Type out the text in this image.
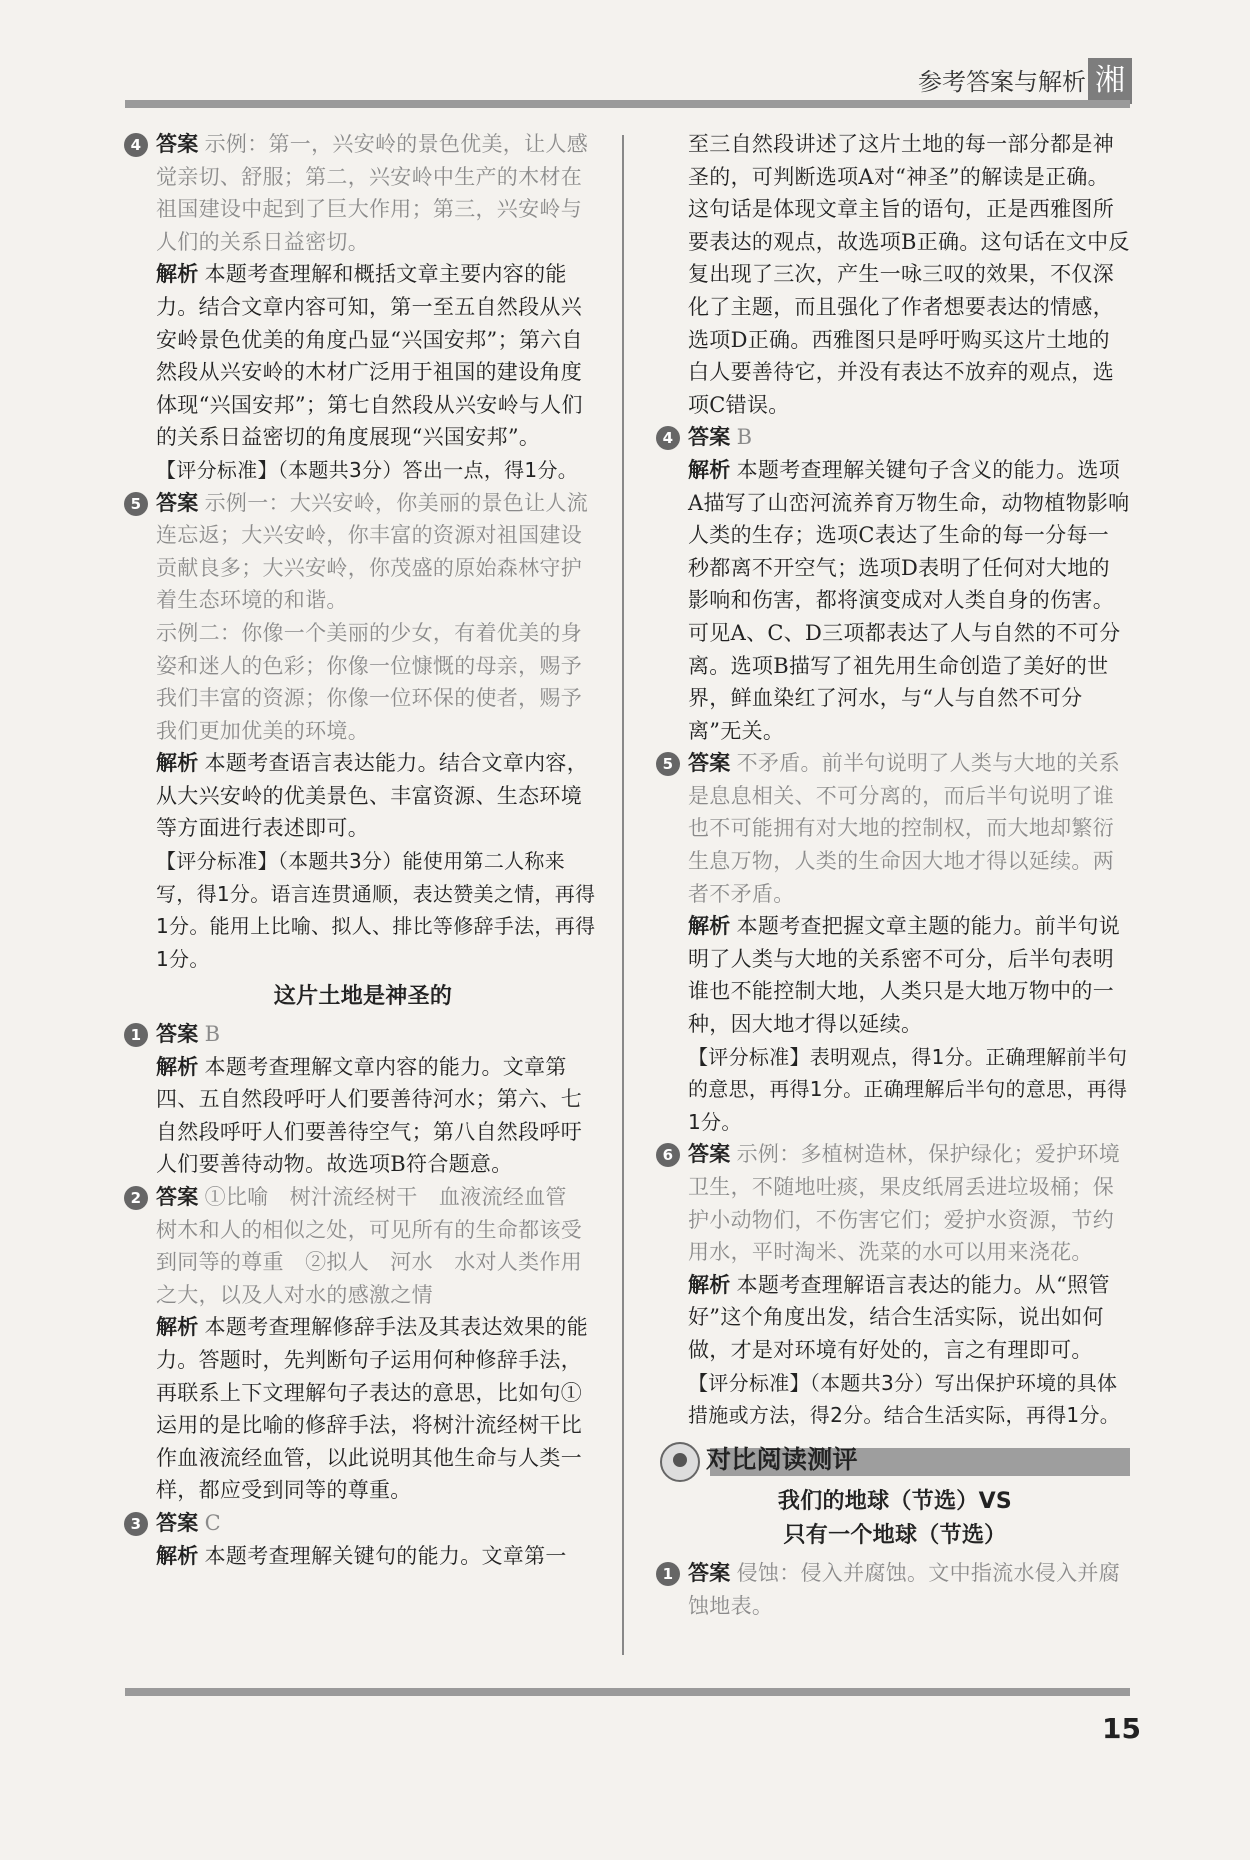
参考答案与解析 湘
4 答案 示例：第一，兴安岭的景色优美，让人感觉亲切、舒服；第二，兴安岭中生产的木材在祖国建设中起到了巨大作用；第三，兴安岭与人们的关系日益密切。
解析 本题考查理解和概括文章主要内容的能力。结合文章内容可知，第一至五自然段从兴安岭景色优美的角度凸显“兴国安邦”；第六自然段从兴安岭的木材广泛用于祖国的建设角度体现“兴国安邦”；第七自然段从兴安岭与人们的关系日益密切的角度展现“兴国安邦”。
【评分标准】（本题共3分）答出一点，得1分。
5 答案 示例一：大兴安岭，你美丽的景色让人流连忘返；大兴安岭，你丰富的资源对祖国建设贡献良多；大兴安岭，你茂盛的原始森林守护着生态环境的和谐。
示例二：你像一个美丽的少女，有着优美的身姿和迷人的色彩；你像一位慷慨的母亲，赐予我们丰富的资源；你像一位环保的使者，赐予我们更加优美的环境。
解析 本题考查语言表达能力。结合文章内容，从大兴安岭的优美景色、丰富资源、生态环境等方面进行表述即可。
【评分标准】（本题共3分）能使用第二人称来写，得1分。语言连贯通顺，表达赞美之情，再得1分。能用上比喻、拟人、排比等修辞手法，再得1分。
这片土地是神圣的
1 答案 B
解析 本题考查理解文章内容的能力。文章第四、五自然段呼吁人们要善待河水；第六、七自然段呼吁人们要善待空气；第八自然段呼吁人们要善待动物。故选项B符合题意。
2 答案 ①比喻　树汁流经树干　血液流经血管　树木和人的相似之处，可见所有的生命都该受到同等的尊重　②拟人　河水　水对人类作用之大，以及人对水的感激之情
解析 本题考查理解修辞手法及其表达效果的能力。答题时，先判断句子运用何种修辞手法，再联系上下文理解句子表达的意思，比如句①运用的是比喻的修辞手法，将树汁流经树干比作血液流经血管，以此说明其他生命与人类一样，都应受到同等的尊重。
3 答案 C
解析 本题考查理解关键句的能力。文章第一
至三自然段讲述了这片土地的每一部分都是神圣的，可判断选项A对“神圣”的解读是正确。这句话是体现文章主旨的语句，正是西雅图所要表达的观点，故选项B正确。这句话在文中反复出现了三次，产生一咏三叹的效果，不仅深化了主题，而且强化了作者想要表达的情感，选项D正确。西雅图只是呼吁购买这片土地的白人要善待它，并没有表达不放弃的观点，选项C错误。
4 答案 B
解析 本题考查理解关键句子含义的能力。选项A描写了山峦河流养育万物生命，动物植物影响人类的生存；选项C表达了生命的每一分每一秒都离不开空气；选项D表明了任何对大地的影响和伤害，都将演变成对人类自身的伤害。可见A、C、D三项都表达了人与自然的不可分离。选项B描写了祖先用生命创造了美好的世界，鲜血染红了河水，与“人与自然不可分离”无关。
5 答案 不矛盾。前半句说明了人类与大地的关系是息息相关、不可分离的，而后半句说明了谁也不可能拥有对大地的控制权，而大地却繁衍生息万物，人类的生命因大地才得以延续。两者不矛盾。
解析 本题考查把握文章主题的能力。前半句说明了人类与大地的关系密不可分，后半句表明谁也不能控制大地，人类只是大地万物中的一种，因大地才得以延续。
【评分标准】表明观点，得1分。正确理解前半句的意思，再得1分。正确理解后半句的意思，再得1分。
6 答案 示例：多植树造林，保护绿化；爱护环境卫生，不随地吐痰，果皮纸屑丢进垃圾桶；保护小动物们，不伤害它们；爱护水资源，节约用水，平时淘米、洗菜的水可以用来浇花。
解析 本题考查理解语言表达的能力。从“照管好”这个角度出发，结合生活实际，说出如何做，才是对环境有好处的，言之有理即可。
【评分标准】（本题共3分）写出保护环境的具体措施或方法，得2分。结合生活实际，再得1分。
对比阅读测评
我们的地球（节选）VS
只有一个地球（节选）
1 答案 侵蚀：侵入并腐蚀。文中指流水侵入并腐蚀地表。
15
